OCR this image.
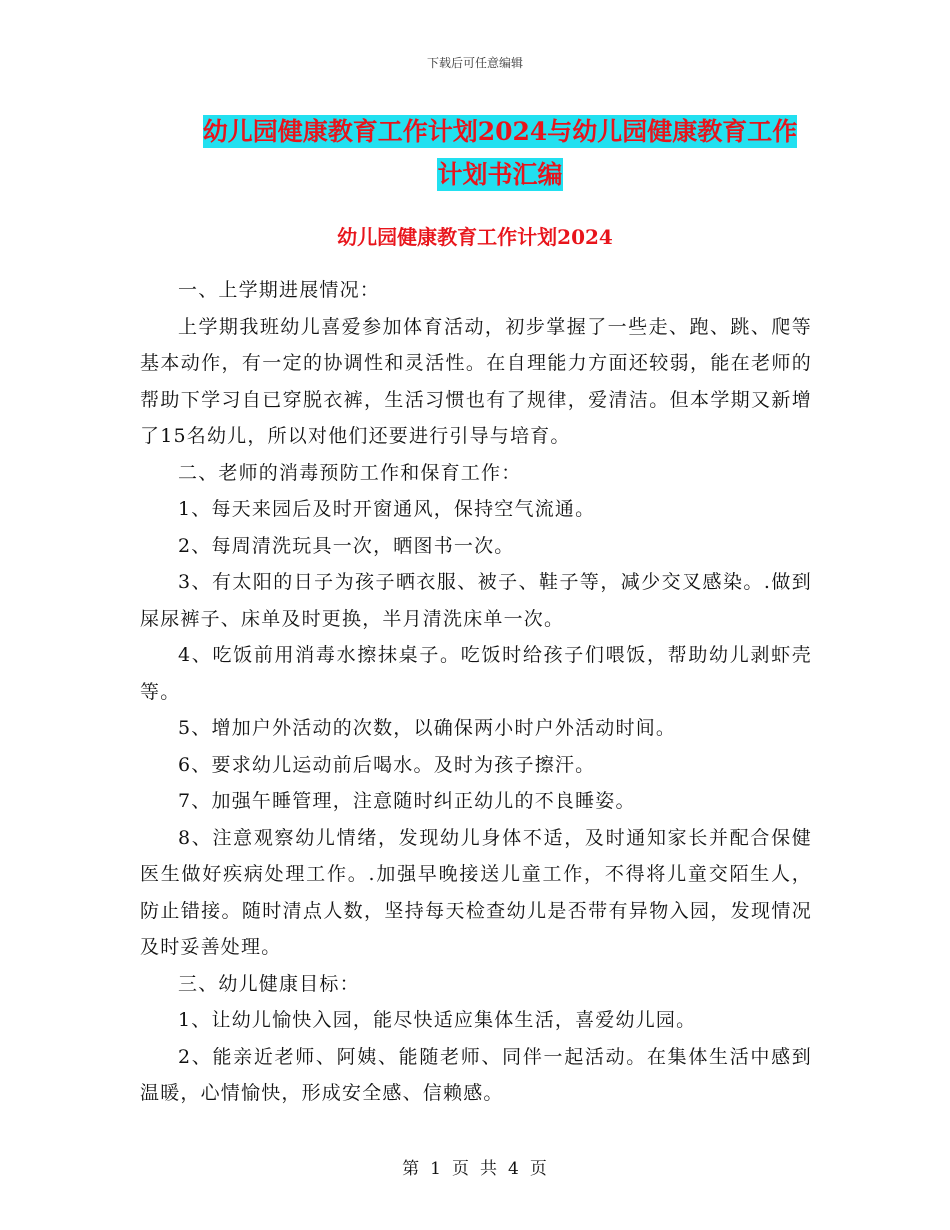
下载后可任意编辑
幼儿园健康教育工作计划2024与幼儿园健康教育工作
计划书汇编
幼儿园健康教育工作计划2024

一、上学期进展情况：

上学期我班幼儿喜爱参加体育活动，初步掌握了一些走、跑、跳、爬等基本动作，有一定的协调性和灵活性。在自理能力方面还较弱，能在老师的帮助下学习自已穿脱衣裤，生活习惯也有了规律，爱清洁。但本学期又新增了15名幼儿，所以对他们还要进行引导与培育。

二、老师的消毒预防工作和保育工作：

1、每天来园后及时开窗通风，保持空气流通。

2、每周清洗玩具一次，晒图书一次。

3、有太阳的日子为孩子晒衣服、被子、鞋子等，减少交叉感染。.做到屎尿裤子、床单及时更换，半月清洗床单一次。

4、吃饭前用消毒水擦抹桌子。吃饭时给孩子们喂饭，帮助幼儿剥虾壳等。

5、增加户外活动的次数，以确保两小时户外活动时间。

6、要求幼儿运动前后喝水。及时为孩子擦汗。

7、加强午睡管理，注意随时纠正幼儿的不良睡姿。

8、注意观察幼儿情绪，发现幼儿身体不适，及时通知家长并配合保健医生做好疾病处理工作。.加强早晚接送儿童工作，不得将儿童交陌生人，防止错接。随时清点人数，坚持每天检查幼儿是否带有异物入园，发现情况及时妥善处理。

三、幼儿健康目标：

1、让幼儿愉快入园，能尽快适应集体生活，喜爱幼儿园。

2、能亲近老师、阿姨、能随老师、同伴一起活动。在集体生活中感到温暖，心情愉快，形成安全感、信赖感。

第 1 页 共 4 页
